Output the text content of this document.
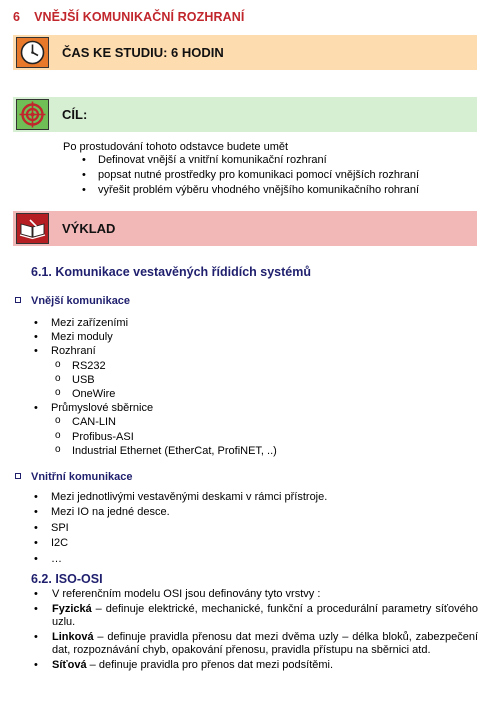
6 VNĚJŠÍ KOMUNIKAČNÍ ROZHRANÍ
ČAS KE STUDIU: 6 HODIN
CÍL:
Po prostudování tohoto odstavce budete umět
• Definovat vnější a vnitřní komunikační rozhraní
• popsat nutné prostředky pro komunikaci pomocí vnějších rozhraní
• vyřešit problém výběru vhodného vnějšího komunikačního rohraní
VÝKLAD
6.1. Komunikace vestavěných řídidích systémů
Vnější komunikace
• Mezi zařízeními
• Mezi moduly
• Rozhraní
o RS232
o USB
o OneWire
• Průmyslové sběrnice
o CAN-LIN
o Profibus-ASI
o Industrial Ethernet (EtherCat, ProfiNET, ..)
Vnitřní komunikace
• Mezi jednotlivými vestavěnými deskami v rámci přístroje.
• Mezi IO na jedné desce.
• SPI
• I2C
• …
6.2. ISO-OSI
• V referenčním modelu OSI jsou definovány tyto vrstvy :
• Fyzická – definuje elektrické, mechanické, funkční a procedurální parametry síťového uzlu.
• Linková – definuje pravidla přenosu dat mezi dvěma uzly – délka bloků, zabezpečení dat, rozpoznávání chyb, opakování přenosu, pravidla přístupu na sběrnici atd.
• Síťová – definuje pravidla pro přenos dat mezi podsítěmi.
